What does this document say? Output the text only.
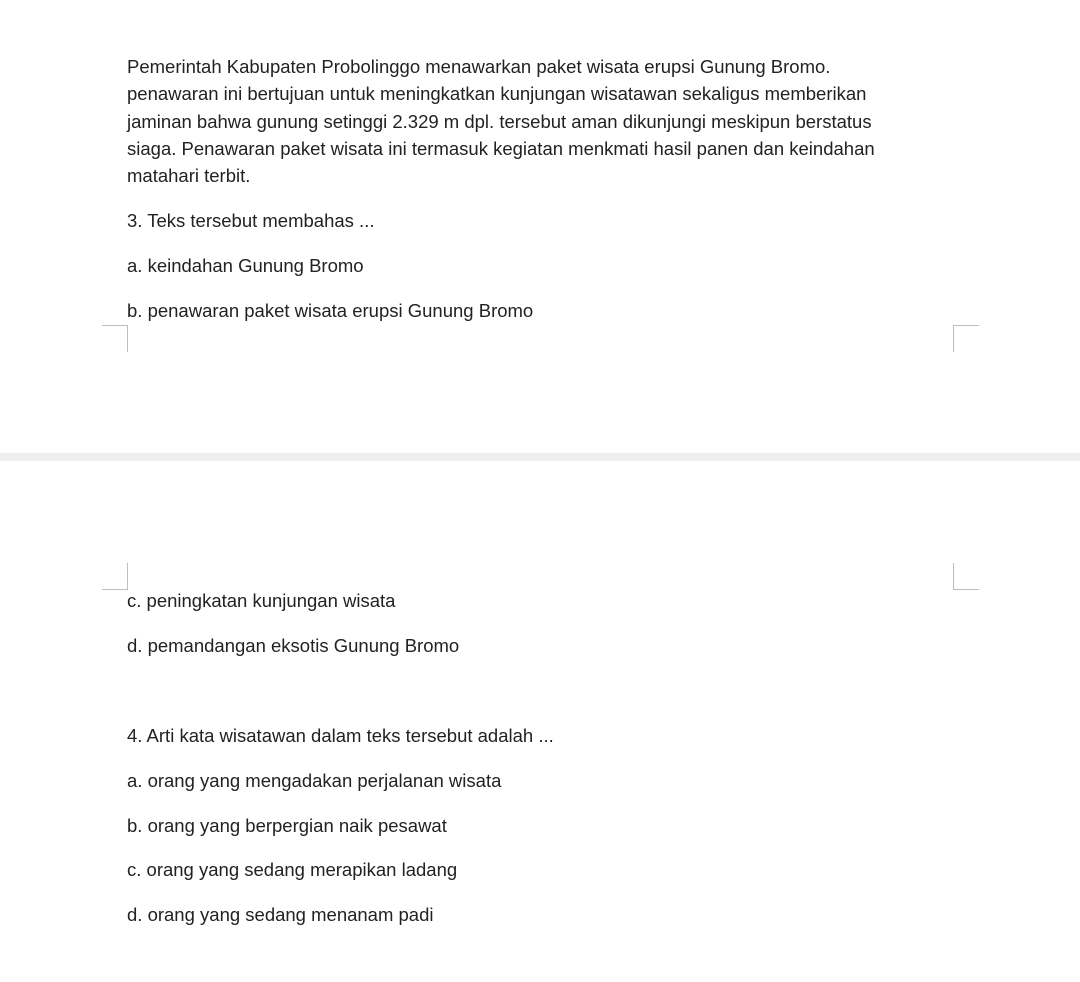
Pemerintah Kabupaten Probolinggo menawarkan paket wisata erupsi Gunung Bromo.

penawaran ini bertujuan untuk meningkatkan kunjungan wisatawan sekaligus memberikan

jaminan bahwa gunung setinggi 2.329 m dpl. tersebut aman dikunjungi meskipun berstatus

siaga. Penawaran paket wisata ini termasuk kegiatan menkmati hasil panen dan keindahan

matahari terbit.

3. Teks tersebut membahas ...

a. keindahan Gunung Bromo

b. penawaran paket wisata erupsi Gunung Bromo

c. peningkatan kunjungan wisata

d. pemandangan eksotis Gunung Bromo

4. Arti kata wisatawan dalam teks tersebut adalah ...

a. orang yang mengadakan perjalanan wisata

b. orang yang berpergian naik pesawat

c. orang yang sedang merapikan ladang

d. orang yang sedang menanam padi
